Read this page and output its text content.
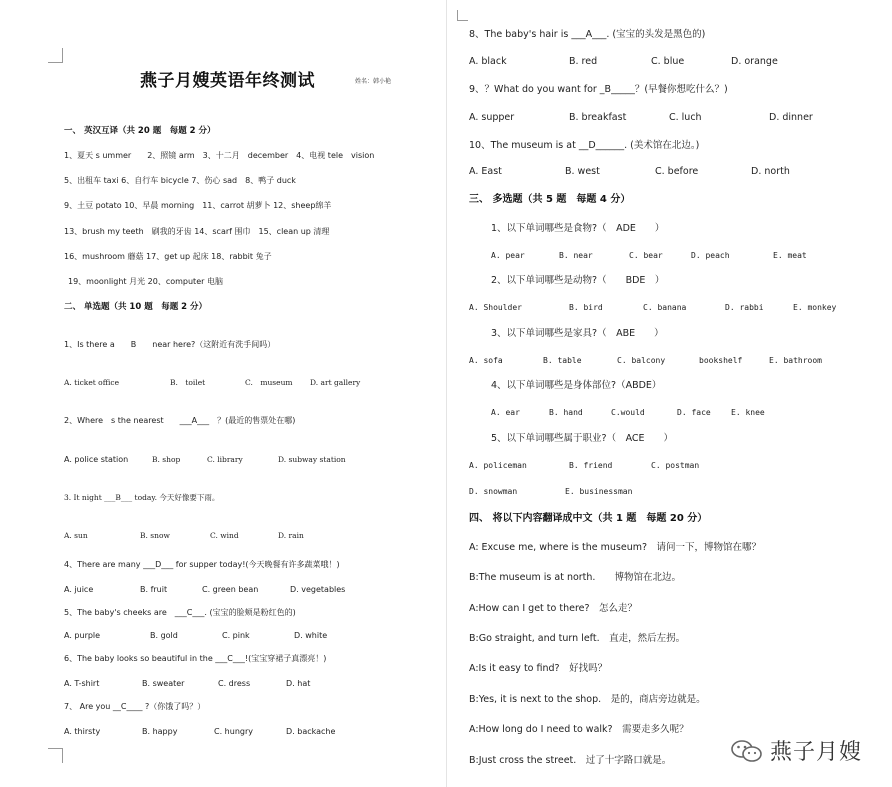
燕子月嫂英语年终测试	姓名：韩小艳
一、 英汉互译（共 20 题　每题 2 分）
1、夏天 s ummer　　2、照镜 arm　3、十二月　december　4、电视 tele　vision
5、出租车 taxi 6、自行车 bicycle 7、伤心 sad　8、鸭子 duck
9、土豆 potato 10、早晨 morning　11、carrot 胡萝卜 12、sheep绵羊
13、brush my teeth　刷我的牙齿 14、scarf 围巾　15、clean up 清理
16、mushroom 蘑菇 17、get up 起床 18、rabbit 兔子
19、moonlight 月光 20、computer 电脑
二、 单选题（共 10 题　每题 2 分）
1、Is there a　　B　　near here?（这附近有洗手间吗）
A. ticket office	B.　toilet	C.　museum D. art gallery
2、Where　s the nearest　　___A___　？(最近的售票处在哪)
A. police station	B. shop	C. library	D. subway station
3. It night ___B___ today. 今天好像要下雨。
A. sun	B. snow	C. wind	D. rain
4、There are many ___D___ for supper today!(今天晚餐有许多蔬菜哦！)
A. juice	B. fruit	C. green bean	D. vegetables
5、The baby's cheeks are　___C___. (宝宝的脸颊是粉红色的)
A. purple	B. gold	C. pink	D. white
6、The baby looks so beautiful in the ___C___!(宝宝穿裙子真漂亮！)
A. T-shirt	B. sweater	C. dress	D. hat
7、 Are you __C____ ?（你饿了吗？）
A. thirsty	B. happy	C. hungry	D. backache
8、The baby's hair is ___A___. (宝宝的头发是黑色的)
A. black	B. red	C. blue	D. orange
9、？What do you want for _B_____？(早餐你想吃什么？)
A. supper	B. breakfast	C. luch	D. dinner
10、The museum is at __D______. (美术馆在北边。)
A. East	B. west	C. before	D. north
三、 多选题（共 5 题　每题 4 分）
1、以下单词哪些是食物?（　ADE　　）
A. pear	B. near	C. bear	D. peach	E. meat
2、以下单词哪些是动物?（　　BDE　）
A. Shoulder	B. bird	C. banana	D. rabbi	E. monkey
3、以下单词哪些是家具?（　ABE　　）
A. sofa	B. table	C. balcony	bookshelf	E. bathroom
4、以下单词哪些是身体部位?（ABDE）
A. ear	B. hand	C.would	D. face	E. knee
5、以下单词哪些属于职业?（　ACE　　）
A. policeman	B. friend	C. postman
D. snowman	E. businessman
四、 将以下内容翻译成中文（共 1 题　每题 20 分）
A: Excuse me, where is the museum?　请问一下，博物馆在哪？
B:The museum is at north.　　博物馆在北边。
A:How can I get to there?　怎么走？
B:Go straight, and turn left.　直走，然后左拐。
A:Is it easy to find?　好找吗？
B:Yes, it is next to the shop.　是的，商店旁边就是。
A:How long do I need to walk?　需要走多久呢？
B:Just cross the street.　过了十字路口就是。	燕子月嫂
